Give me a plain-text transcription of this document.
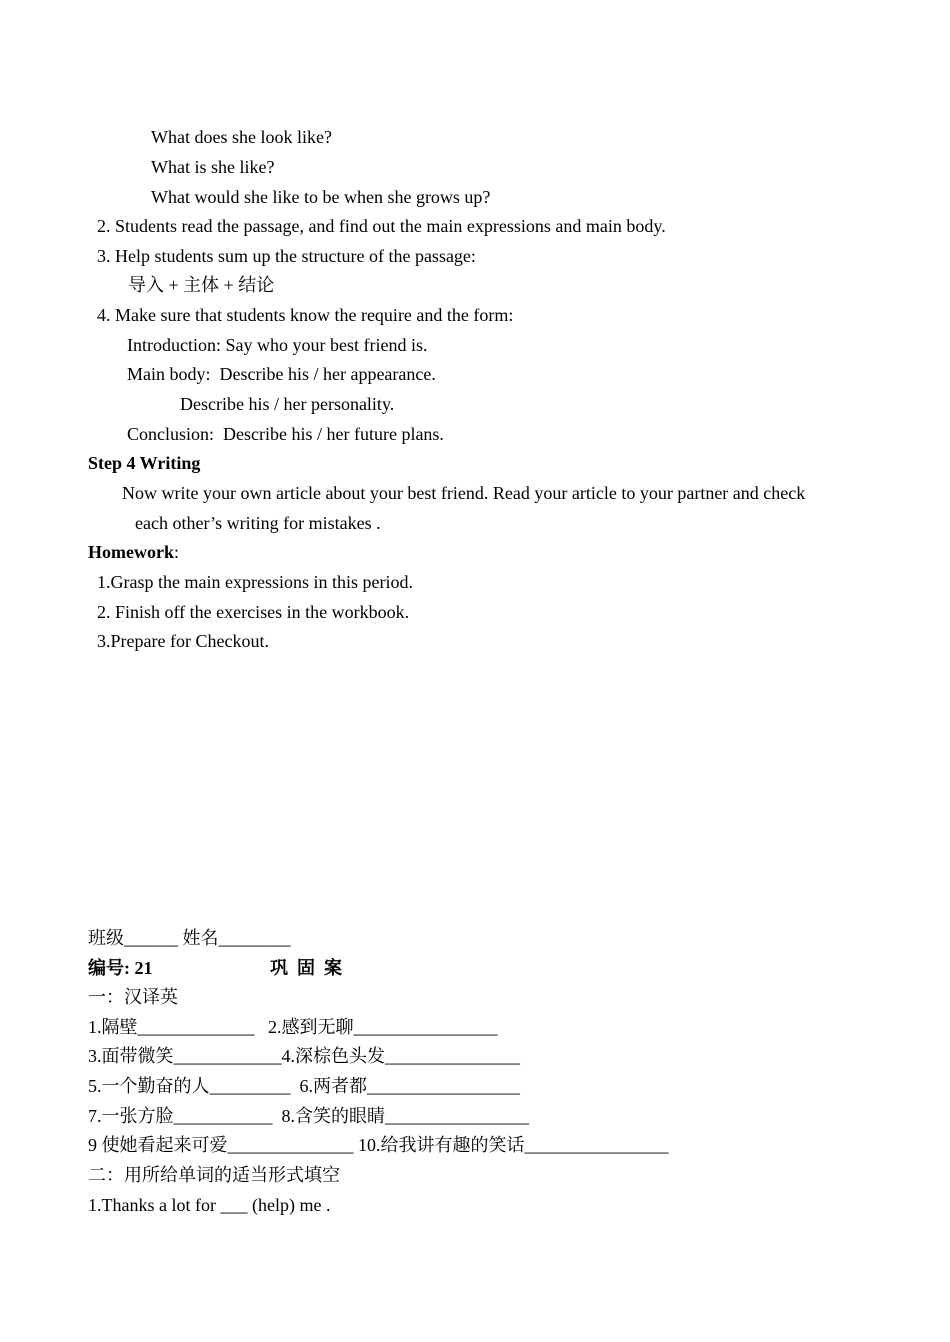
What does she look like?
What is she like?
What would she like to be when she grows up?
2. Students read the passage, and find out the main expressions and main body.
3. Help students sum up the structure of the passage:
导入 + 主体 + 结论
4. Make sure that students know the require and the form:
Introduction: Say who your best friend is.
Main body:  Describe his / her appearance.
Describe his / her personality.
Conclusion:  Describe his / her future plans.
Step 4 Writing
Now write your own article about your best friend. Read your article to your partner and check
each other’s writing for mistakes .
Homework:
1.Grasp the main expressions in this period.
2. Finish off the exercises in the workbook.
3.Prepare for Checkout.
班级______ 姓名________
编号: 21	巩  固  案
一：汉译英
1.隔壁_____________   2.感到无聊________________
3.面带微笑____________4.深棕色头发_______________
5.一个勤奋的人_________  6.两者都_________________
7.一张方脸___________  8.含笑的眼睛________________
9 使她看起来可爱______________ 10.给我讲有趣的笑话________________
二：用所给单词的适当形式填空
1.Thanks a lot for ___ (help) me .
